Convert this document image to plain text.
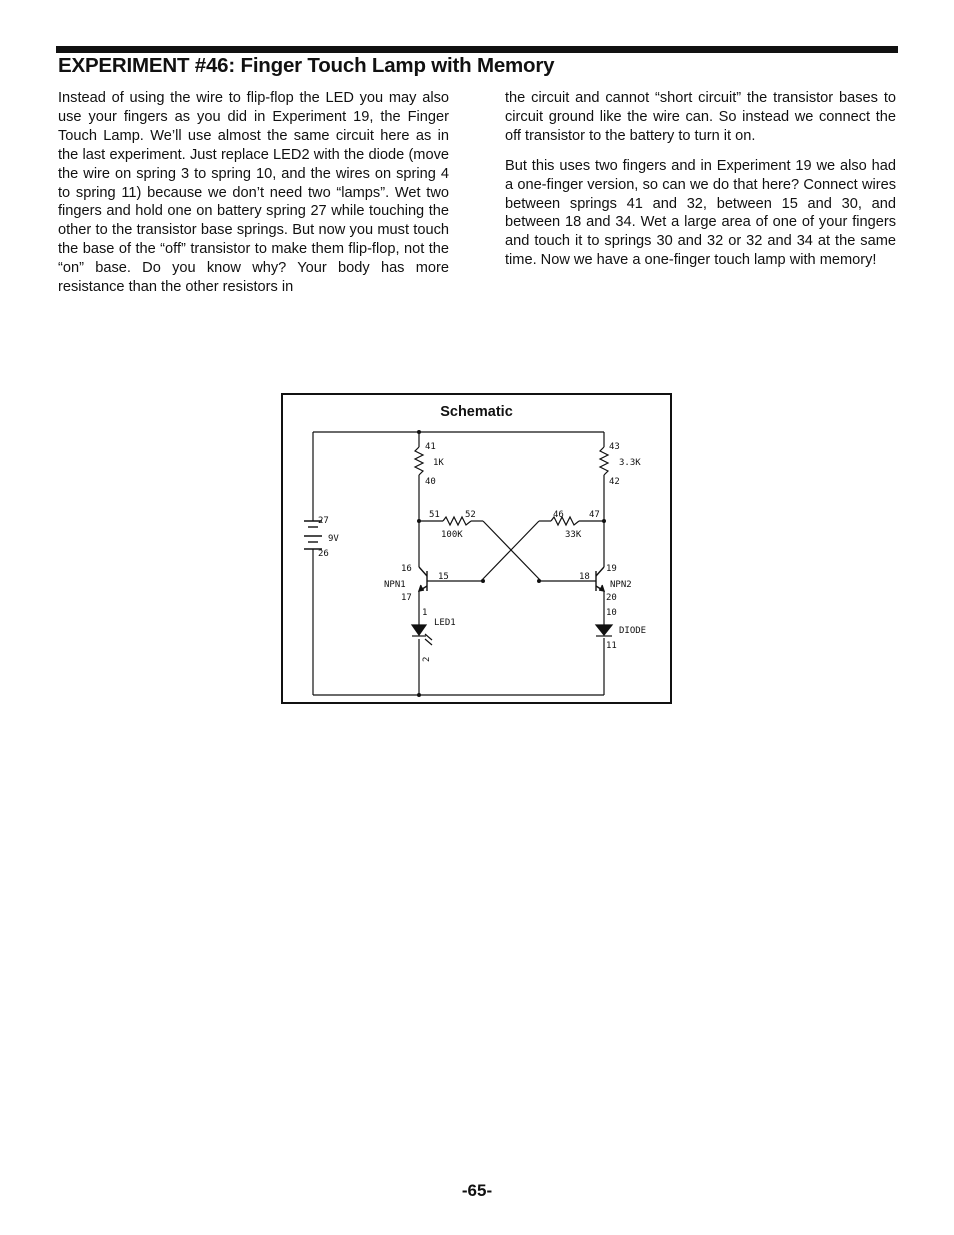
EXPERIMENT #46: Finger Touch Lamp with Memory

Instead of using the wire to flip-flop the LED you may also use your fingers as you did in Experiment 19, the Finger Touch Lamp. We’ll use almost the same circuit here as in the last experiment. Just replace LED2 with the diode (move the wire on spring 3 to spring 10, and the wires on spring 4 to spring 11) because we don’t need two “lamps”. Wet two fingers and hold one on battery spring 27 while touching the other to the transistor base springs. But now you must touch the base of the “off” transistor to make them flip-flop, not the “on” base. Do you know why? Your body has more resistance than the other resistors in

the circuit and cannot “short circuit” the transistor bases to circuit ground like the wire can. So instead we connect the off transistor to the battery to turn it on.

But this uses two fingers and in Experiment 19 we also had a one-finger version, so can we do that here? Connect wires between springs 41 and 32, between 15 and 30, and between 18 and 34. Wet a large area of one of your fingers and touch it to springs 30 and 32 or 32 and 34 at the same time. Now we have a one-finger touch lamp with memory!

Schematic
41
1K
40
43
3.3K
42
51	52
100K
46	47
33K
27
9V
26
16
NPN1
17
15	18
19
NPN2
20
1
LED1
2
10
DIODE
11
-65-
